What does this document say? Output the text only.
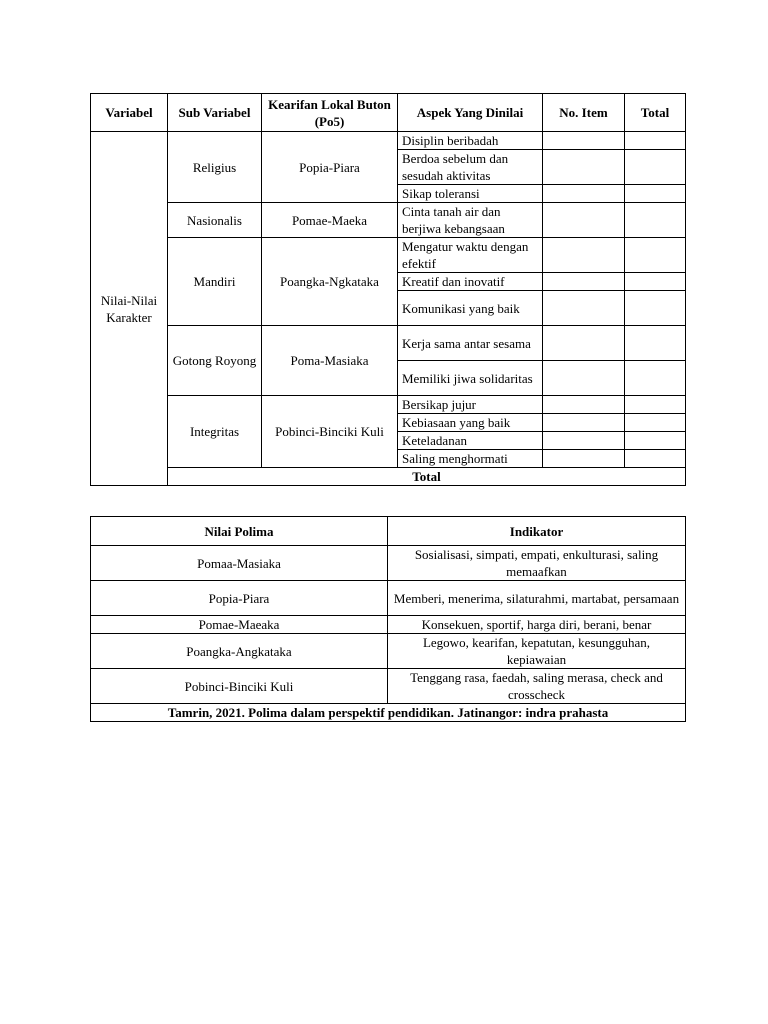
Variabel	Sub Variabel	Kearifan Lokal Buton (Po5)	Aspek Yang Dinilai	No. Item	Total	
Nilai-Nilai Karakter	Religius	Popia-Piara	Disiplin beribadah			
			Berdoa sebelum dan sesudah aktivitas			
			Sikap toleransi			
	Nasionalis	Pomae-Maeka	Cinta tanah air dan berjiwa kebangsaan			
	Mandiri	Poangka-Ngkataka	Mengatur waktu dengan efektif			
			Kreatif dan inovatif			
			Komunikasi yang baik			
	Gotong Royong	Poma-Masiaka	Kerja sama antar sesama			
			Memiliki jiwa solidaritas			
	Integritas	Pobinci-Binciki Kuli	Bersikap jujur			
			Kebiasaan yang baik			
			Keteladanan			
			Saling menghormati			
	Total					
Nilai Polima	Indikator
Pomaa-Masiaka	Sosialisasi, simpati, empati, enkulturasi, saling memaafkan
Popia-Piara	Memberi, menerima, silaturahmi, martabat, persamaan
Pomae-Maeaka	Konsekuen, sportif, harga diri, berani, benar
Poangka-Angkataka	Legowo, kearifan, kepatutan, kesungguhan, kepiawaian
Pobinci-Binciki Kuli	Tenggang rasa, faedah, saling merasa, check and crosscheck
Tamrin, 2021. Polima dalam perspektif pendidikan. Jatinangor: indra prahasta	
